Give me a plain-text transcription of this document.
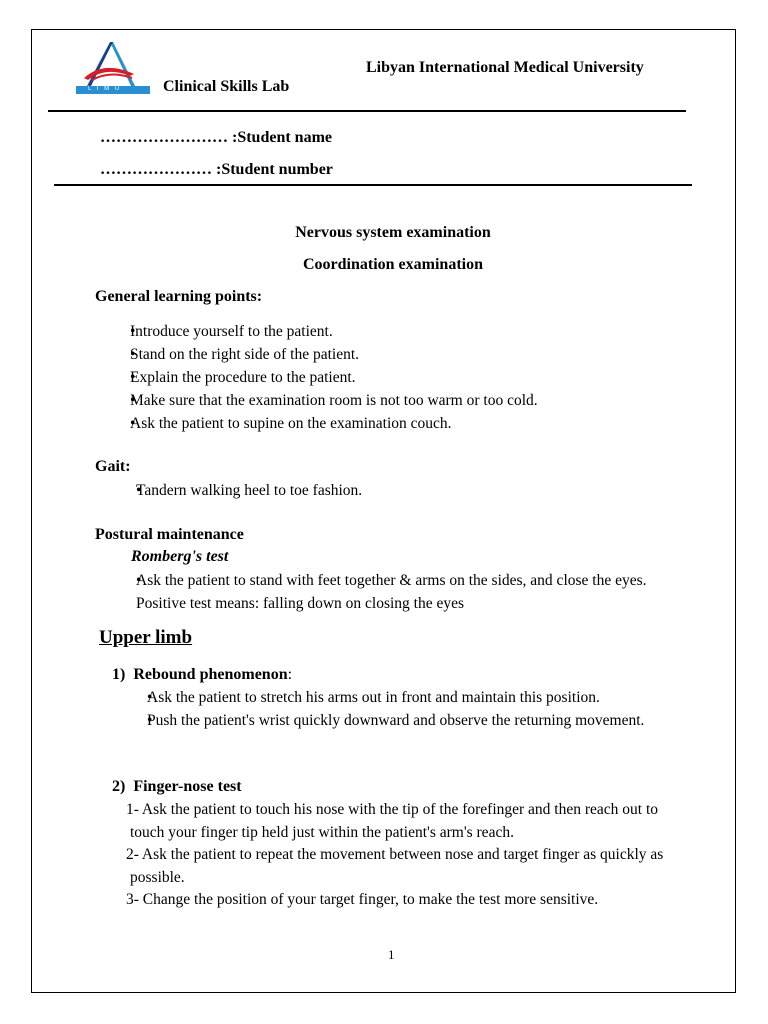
L I M U
Libyan International Medical University
Clinical Skills Lab
…………………… :Student name
………………… :Student number
Nervous system examination
Coordination examination
General learning points:
• Introduce yourself to the patient.
• Stand on the right side of the patient.
• Explain the procedure to the patient.
• Make sure that the examination room is not too warm or too cold.
• Ask the patient to supine on the examination couch.
Gait:
• Tandern walking heel to toe fashion.
Postural maintenance
Romberg's test
• Ask the patient to stand with feet together & arms on the sides, and close the eyes. Positive test means: falling down on closing the eyes
Upper limb
1) Rebound phenomenon:
• Ask the patient to stretch his arms out in front and maintain this position.
• Push the patient's wrist quickly downward and observe the returning movement.
2) Finger-nose test
1- Ask the patient to touch his nose with the tip of the forefinger and then reach out to touch your finger tip held just within the patient's arm's reach.
2- Ask the patient to repeat the movement between nose and target finger as quickly as possible.
3- Change the position of your target finger, to make the test more sensitive.
1
